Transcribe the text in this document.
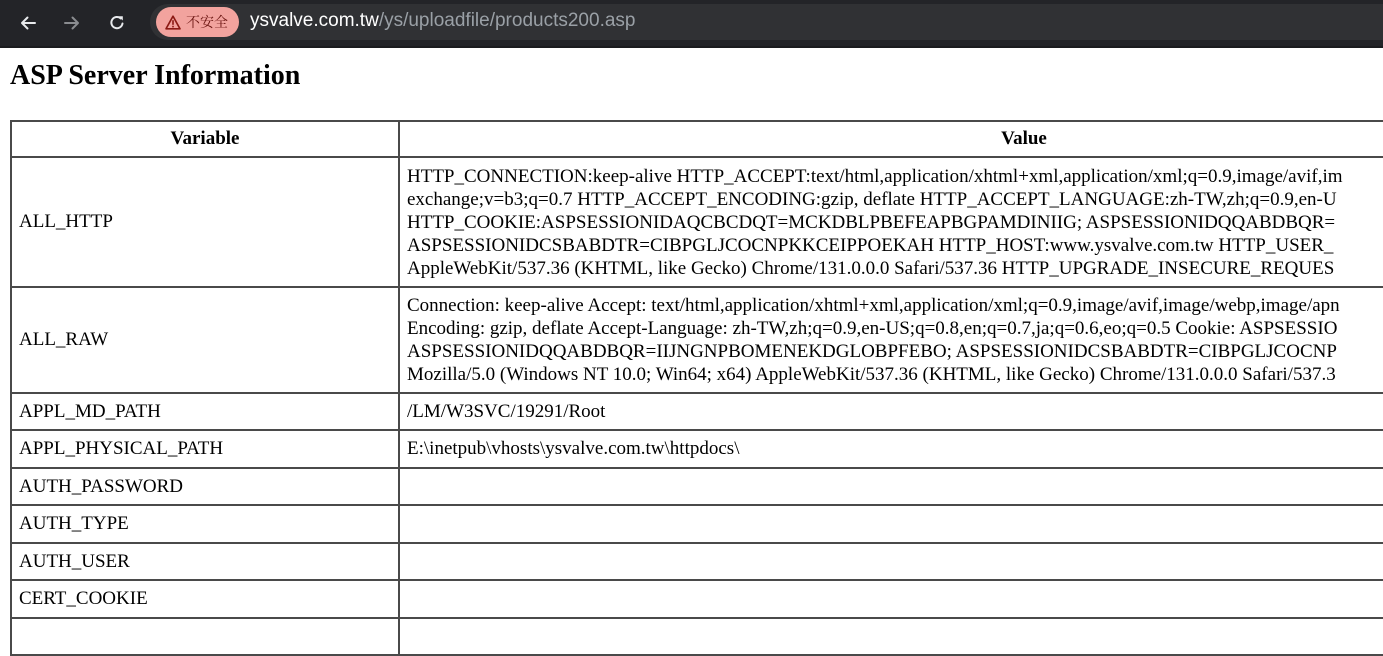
不安全 ysvalve.com.tw/ys/uploadfile/products200.asp
ASP Server Information
Variable	Value
ALL_HTTP	HTTP_CONNECTION:keep-alive HTTP_ACCEPT:text/html,application/xhtml+xml,application/xml;q=0.9,image/avif,im
exchange;v=b3;q=0.7 HTTP_ACCEPT_ENCODING:gzip, deflate HTTP_ACCEPT_LANGUAGE:zh-TW,zh;q=0.9,en-U
HTTP_COOKIE:ASPSESSIONIDAQCBCDQT=MCKDBLPBEFEAPBGPAMDINIIG; ASPSESSIONIDQQABDBQR=
ASPSESSIONIDCSBABDTR=CIBPGLJCOCNPKKCEIPPOEKAH HTTP_HOST:www.ysvalve.com.tw HTTP_USER_
AppleWebKit/537.36 (KHTML, like Gecko) Chrome/131.0.0.0 Safari/537.36 HTTP_UPGRADE_INSECURE_REQUES

ALL_RAW	Connection: keep-alive Accept: text/html,application/xhtml+xml,application/xml;q=0.9,image/avif,image/webp,image/apn
Encoding: gzip, deflate Accept-Language: zh-TW,zh;q=0.9,en-US;q=0.8,en;q=0.7,ja;q=0.6,eo;q=0.5 Cookie: ASPSESSIO
ASPSESSIONIDQQABDBQR=IIJNGNPBOMENEKDGLOBPFEBO; ASPSESSIONIDCSBABDTR=CIBPGLJCOCNP
Mozilla/5.0 (Windows NT 10.0; Win64; x64) AppleWebKit/537.36 (KHTML, like Gecko) Chrome/131.0.0.0 Safari/537.3

APPL_MD_PATH	/LM/W3SVC/19291/Root
APPL_PHYSICAL_PATH	E:\inetpub\vhosts\ysvalve.com.tw\httpdocs\
AUTH_PASSWORD	
AUTH_TYPE	
AUTH_USER	
CERT_COOKIE	
